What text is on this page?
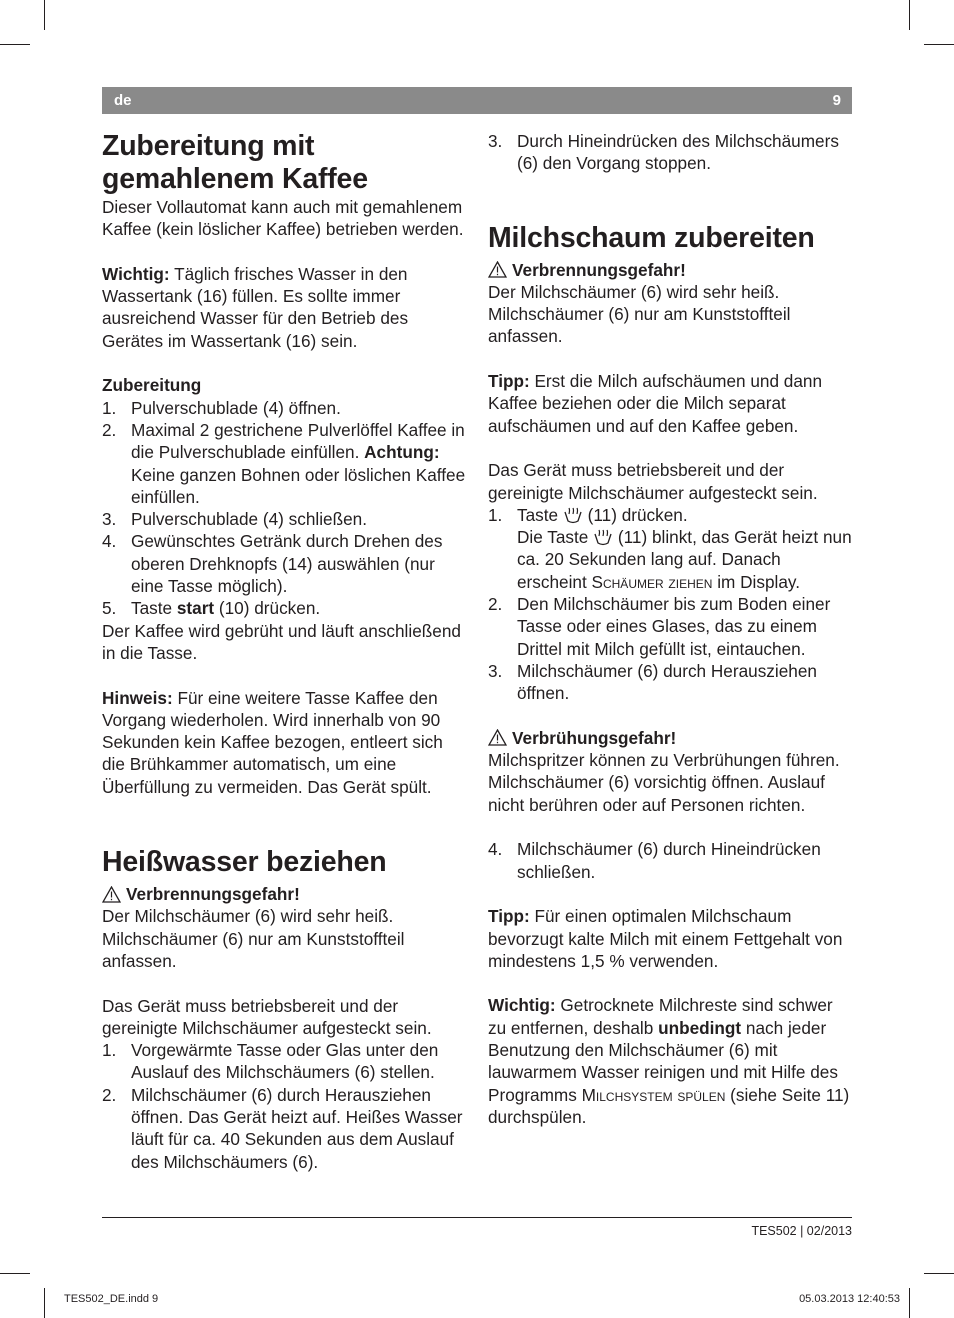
de	9
Zubereitung mit gemahlenem Kaffee

Dieser Vollautomat kann auch mit gemahlenem Kaffee (kein löslicher Kaffee) betrieben werden.

Wichtig: Täglich frisches Wasser in den Wassertank (16) füllen. Es sollte immer ausreichend Wasser für den Betrieb des Gerätes im Wassertank (16) sein.

Zubereitung

1. Pulverschublade (4) öffnen.
2. Maximal 2 gestrichene Pulverlöffel Kaffee in die Pulverschublade einfüllen. Achtung: Keine ganzen Bohnen oder löslichen Kaffee einfüllen.
3. Pulverschublade (4) schließen.
4. Gewünschtes Getränk durch Drehen des oberen Drehknopfs (14) auswählen (nur eine Tasse möglich).
5. Taste start (10) drücken.

Der Kaffee wird gebrüht und läuft anschließend in die Tasse.

Hinweis: Für eine weitere Tasse Kaffee den Vorgang wiederholen. Wird innerhalb von 90 Sekunden kein Kaffee bezogen, entleert sich die Brühkammer automatisch, um eine Überfüllung zu vermeiden. Das Gerät spült.

Heißwasser beziehen

Verbrennungsgefahr!

Der Milchschäumer (6) wird sehr heiß. Milchschäumer (6) nur am Kunststoffteil anfassen.

Das Gerät muss betriebsbereit und der gereinigte Milchschäumer aufgesteckt sein.

1. Vorgewärmte Tasse oder Glas unter den Auslauf des Milchschäumers (6) stellen.
2. Milchschäumer (6) durch Herausziehen öffnen. Das Gerät heizt auf. Heißes Wasser läuft für ca. 40 Sekunden aus dem Auslauf des Milchschäumers (6).
3. Durch Hineindrücken des Milchschäumers (6) den Vorgang stoppen.
Milchschaum zubereiten

Verbrennungsgefahr!

Der Milchschäumer (6) wird sehr heiß. Milchschäumer (6) nur am Kunststoffteil anfassen.

Tipp: Erst die Milch aufschäumen und dann Kaffee beziehen oder die Milch separat aufschäumen und auf den Kaffee geben.

Das Gerät muss betriebsbereit und der gereinigte Milchschäumer aufgesteckt sein.

1. Taste  (11) drücken.
Die Taste  (11) blinkt, das Gerät heizt nun ca. 20 Sekunden lang auf. Danach erscheint Schäumer ziehen im Display.
2. Den Milchschäumer bis zum Boden einer Tasse oder eines Glases, das zu einem Drittel mit Milch gefüllt ist, eintauchen.
3. Milchschäumer (6) durch Herausziehen öffnen.

Verbrühungsgefahr!

Milchspritzer können zu Verbrühungen führen. Milchschäumer (6) vorsichtig öffnen. Auslauf nicht berühren oder auf Personen richten.

4. Milchschäumer (6) durch Hineindrücken schließen.

Tipp: Für einen optimalen Milchschaum bevorzugt kalte Milch mit einem Fettgehalt von mindestens 1,5 % verwenden.

Wichtig: Getrocknete Milchreste sind schwer zu entfernen, deshalb unbedingt nach jeder Benutzung den Milchschäumer (6) mit lauwarmem Wasser reinigen und mit Hilfe des Programms Milchsystem spülen (siehe Seite 11) durchspülen.

TES502 | 02/2013
TES502_DE.indd 9	05.03.2013 12:40:53
